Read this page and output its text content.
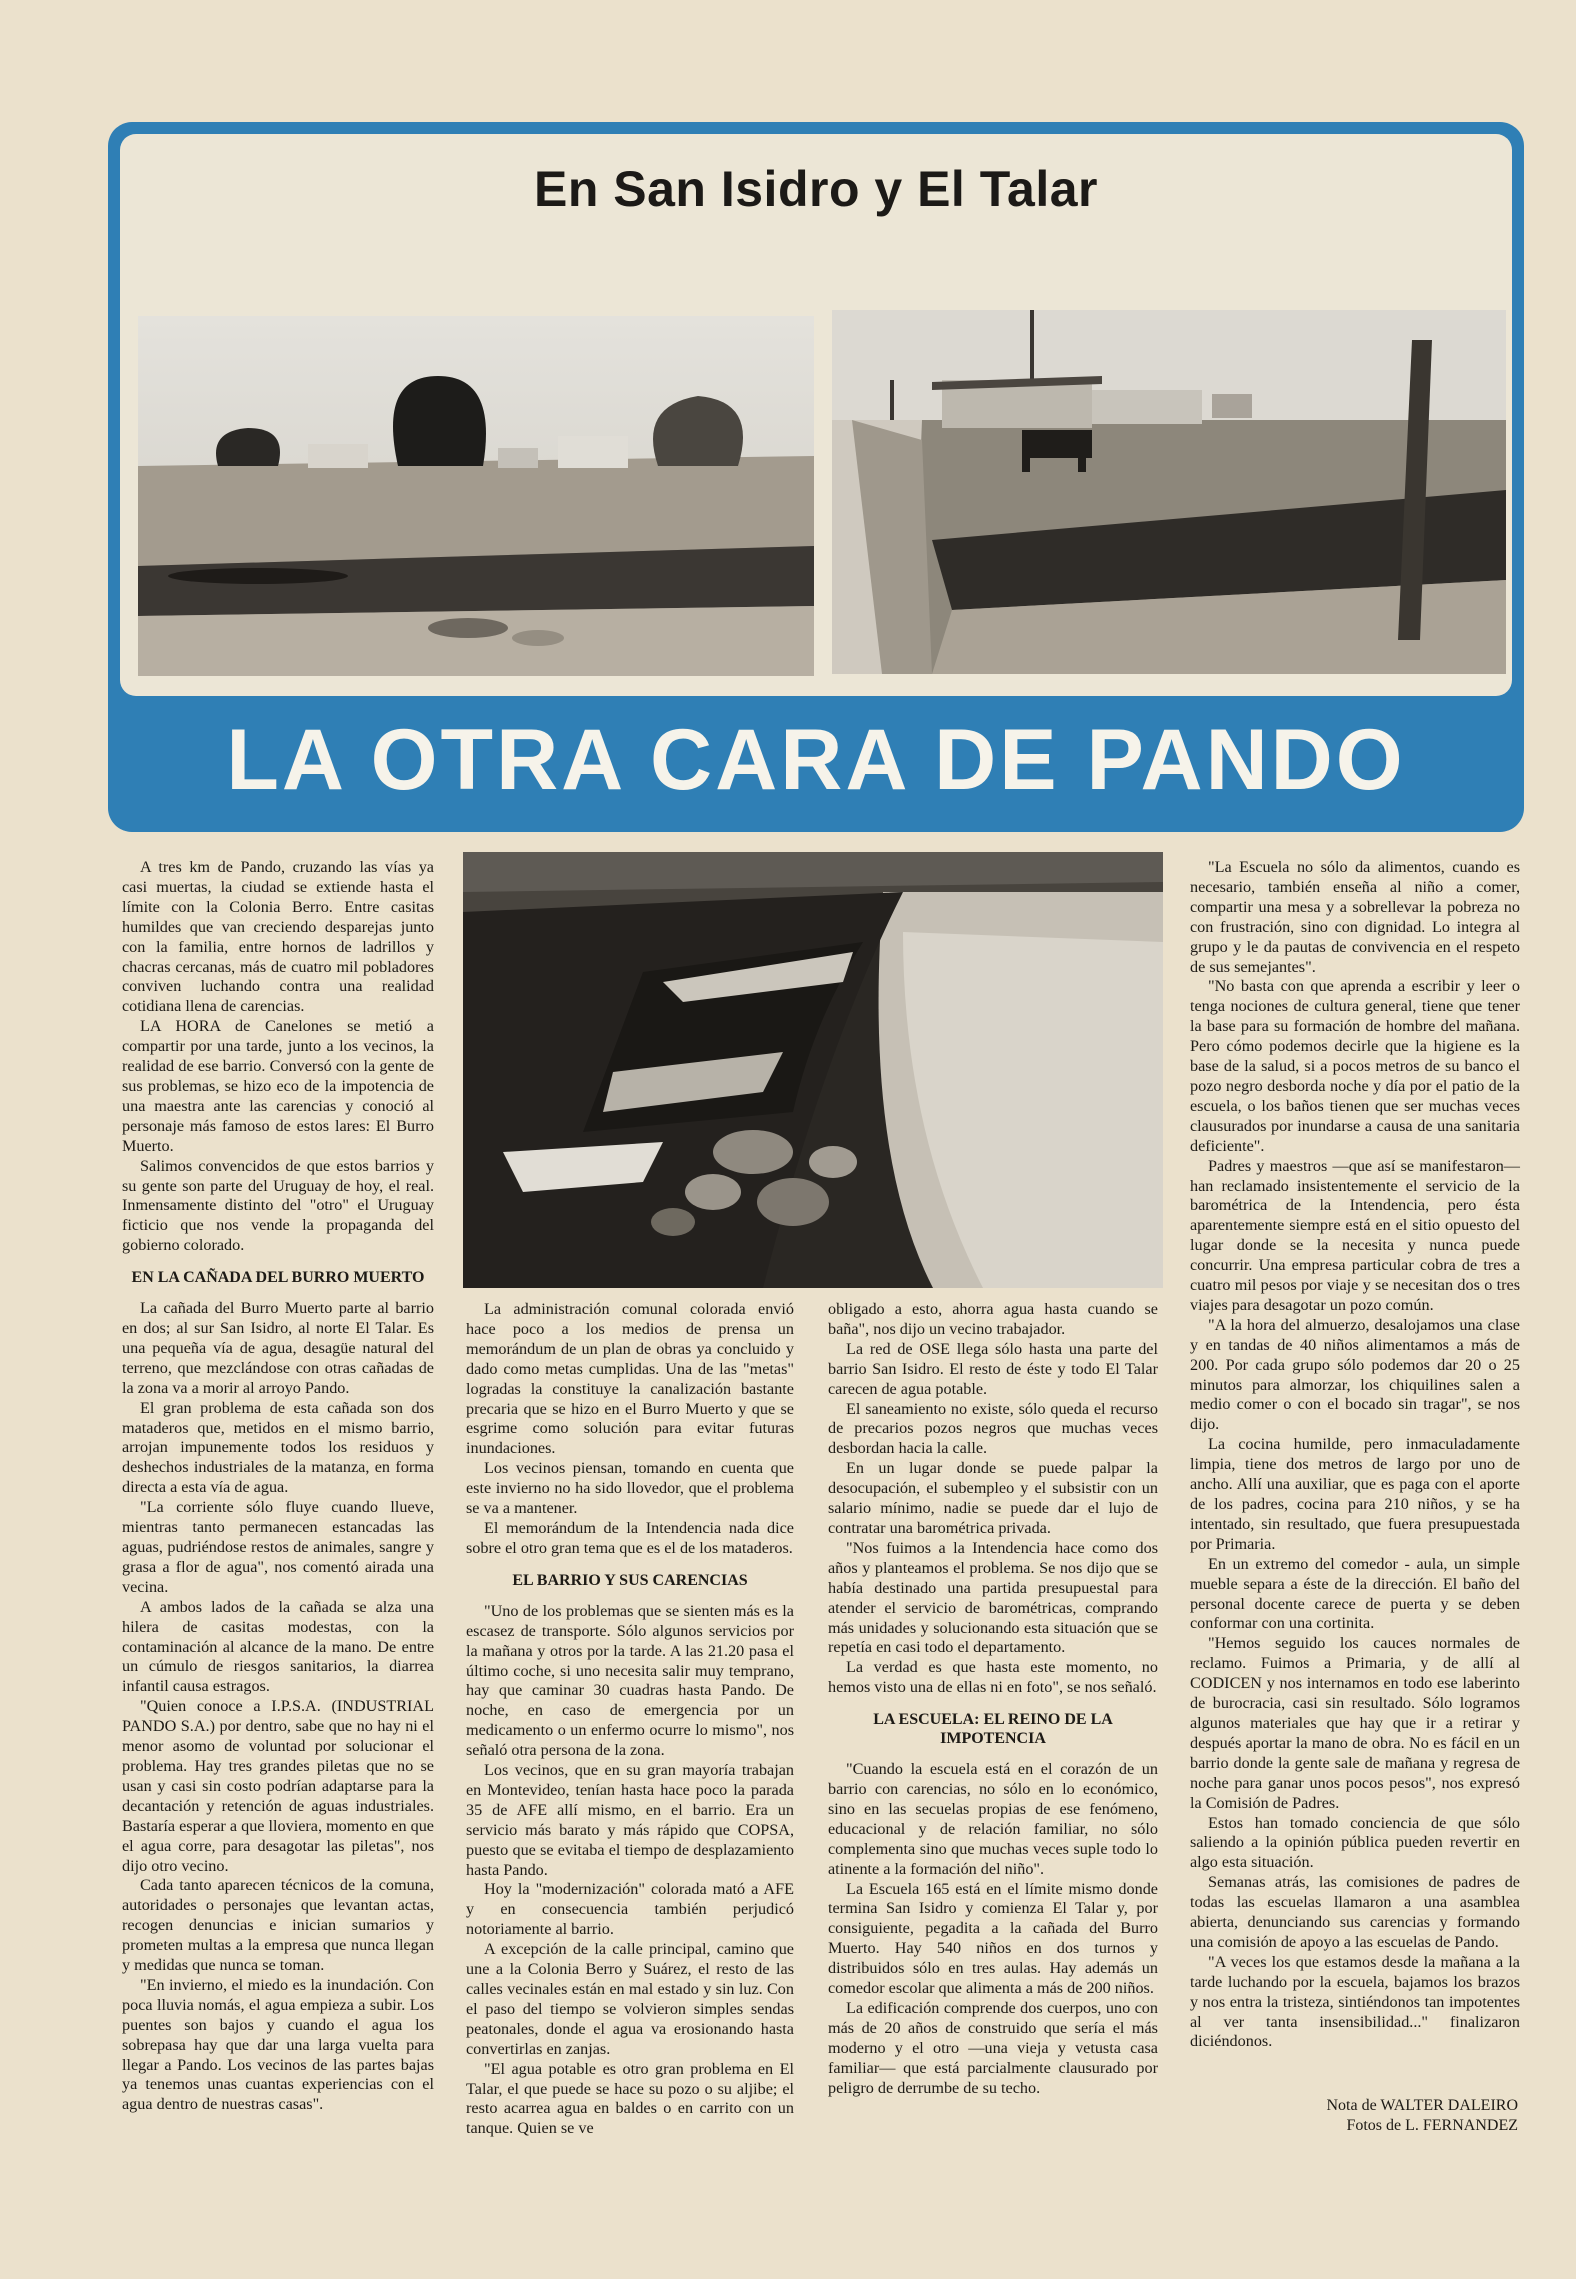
En San Isidro y El Talar
LA OTRA CARA DE PANDO

A tres km de Pando, cruzando las vías ya casi muertas, la ciudad se extiende hasta el límite con la Colonia Berro. Entre casitas humildes que van creciendo desparejas junto con la familia, entre hornos de ladrillos y chacras cercanas, más de cuatro mil pobladores conviven luchando contra una realidad cotidiana llena de carencias.

LA HORA de Canelones se metió a compartir por una tarde, junto a los vecinos, la realidad de ese barrio. Conversó con la gente de sus problemas, se hizo eco de la impotencia de una maestra ante las carencias y conoció al personaje más famoso de estos lares: El Burro Muerto.

Salimos convencidos de que estos barrios y su gente son parte del Uruguay de hoy, el real. Inmensamente distinto del "otro" el Uruguay ficticio que nos vende la propaganda del gobierno colorado.

EN LA CAÑADA DEL BURRO MUERTO

La cañada del Burro Muerto parte al barrio en dos; al sur San Isidro, al norte El Talar. Es una pequeña vía de agua, desagüe natural del terreno, que mezclándose con otras cañadas de la zona va a morir al arroyo Pando.

El gran problema de esta cañada son dos mataderos que, metidos en el mismo barrio, arrojan impunemente todos los residuos y deshechos industriales de la matanza, en forma directa a esta vía de agua.

"La corriente sólo fluye cuando llueve, mientras tanto permanecen estancadas las aguas, pudriéndose restos de animales, sangre y grasa a flor de agua", nos comentó airada una vecina.

A ambos lados de la cañada se alza una hilera de casitas modestas, con la contaminación al alcance de la mano. De entre un cúmulo de riesgos sanitarios, la diarrea infantil causa estragos.

"Quien conoce a I.P.S.A. (INDUSTRIAL PANDO S.A.) por dentro, sabe que no hay ni el menor asomo de voluntad por solucionar el problema. Hay tres grandes piletas que no se usan y casi sin costo podrían adaptarse para la decantación y retención de aguas industriales. Bastaría esperar a que lloviera, momento en que el agua corre, para desagotar las piletas", nos dijo otro vecino.

Cada tanto aparecen técnicos de la comuna, autoridades o personajes que levantan actas, recogen denuncias e inician sumarios y prometen multas a la empresa que nunca llegan y medidas que nunca se toman.

"En invierno, el miedo es la inundación. Con poca lluvia nomás, el agua empieza a subir. Los puentes son bajos y cuando el agua los sobrepasa hay que dar una larga vuelta para llegar a Pando. Los vecinos de las partes bajas ya tenemos unas cuantas experiencias con el agua dentro de nuestras casas".

La administración comunal colorada envió hace poco a los medios de prensa un memorándum de un plan de obras ya concluido y dado como metas cumplidas. Una de las "metas" logradas la constituye la canalización bastante precaria que se hizo en el Burro Muerto y que se esgrime como solución para evitar futuras inundaciones.

Los vecinos piensan, tomando en cuenta que este invierno no ha sido llovedor, que el problema se va a mantener.

El memorándum de la Intendencia nada dice sobre el otro gran tema que es el de los mataderos.

EL BARRIO Y SUS CARENCIAS

"Uno de los problemas que se sienten más es la escasez de transporte. Sólo algunos servicios por la mañana y otros por la tarde. A las 21.20 pasa el último coche, si uno necesita salir muy temprano, hay que caminar 30 cuadras hasta Pando. De noche, en caso de emergencia por un medicamento o un enfermo ocurre lo mismo", nos señaló otra persona de la zona.

Los vecinos, que en su gran mayoría trabajan en Montevideo, tenían hasta hace poco la parada 35 de AFE allí mismo, en el barrio. Era un servicio más barato y más rápido que COPSA, puesto que se evitaba el tiempo de desplazamiento hasta Pando.

Hoy la "modernización" colorada mató a AFE y en consecuencia también perjudicó notoriamente al barrio.

A excepción de la calle principal, camino que une a la Colonia Berro y Suárez, el resto de las calles vecinales están en mal estado y sin luz. Con el paso del tiempo se volvieron simples sendas peatonales, donde el agua va erosionando hasta convertirlas en zanjas.

"El agua potable es otro gran problema en El Talar, el que puede se hace su pozo o su aljibe; el resto acarrea agua en baldes o en carrito con un tanque. Quien se ve

obligado a esto, ahorra agua hasta cuando se baña", nos dijo un vecino trabajador.

La red de OSE llega sólo hasta una parte del barrio San Isidro. El resto de éste y todo El Talar carecen de agua potable.

El saneamiento no existe, sólo queda el recurso de precarios pozos negros que muchas veces desbordan hacia la calle.

En un lugar donde se puede palpar la desocupación, el subempleo y el subsistir con un salario mínimo, nadie se puede dar el lujo de contratar una barométrica privada.

"Nos fuimos a la Intendencia hace como dos años y planteamos el problema. Se nos dijo que se había destinado una partida presupuestal para atender el servicio de barométricas, comprando más unidades y solucionando esta situación que se repetía en casi todo el departamento.

La verdad es que hasta este momento, no hemos visto una de ellas ni en foto", se nos señaló.

LA ESCUELA: EL REINO DE LA IMPOTENCIA

"Cuando la escuela está en el corazón de un barrio con carencias, no sólo en lo económico, sino en las secuelas propias de ese fenómeno, educacional y de relación familiar, no sólo complementa sino que muchas veces suple todo lo atinente a la formación del niño".

La Escuela 165 está en el límite mismo donde termina San Isidro y comienza El Talar y, por consiguiente, pegadita a la cañada del Burro Muerto. Hay 540 niños en dos turnos y distribuidos sólo en tres aulas. Hay además un comedor escolar que alimenta a más de 200 niños.

La edificación comprende dos cuerpos, uno con más de 20 años de construido que sería el más moderno y el otro —una vieja y vetusta casa familiar— que está parcialmente clausurado por peligro de derrumbe de su techo.

"La Escuela no sólo da alimentos, cuando es necesario, también enseña al niño a comer, compartir una mesa y a sobrellevar la pobreza no con frustración, sino con dignidad. Lo integra al grupo y le da pautas de convivencia en el respeto de sus semejantes".

"No basta con que aprenda a escribir y leer o tenga nociones de cultura general, tiene que tener la base para su formación de hombre del mañana. Pero cómo podemos decirle que la higiene es la base de la salud, si a pocos metros de su banco el pozo negro desborda noche y día por el patio de la escuela, o los baños tienen que ser muchas veces clausurados por inundarse a causa de una sanitaria deficiente".

Padres y maestros —que así se manifestaron— han reclamado insistentemente el servicio de la barométrica de la Intendencia, pero ésta aparentemente siempre está en el sitio opuesto del lugar donde se la necesita y nunca puede concurrir. Una empresa particular cobra de tres a cuatro mil pesos por viaje y se necesitan dos o tres viajes para desagotar un pozo común.

"A la hora del almuerzo, desalojamos una clase y en tandas de 40 niños alimentamos a más de 200. Por cada grupo sólo podemos dar 20 o 25 minutos para almorzar, los chiquilines salen a medio comer o con el bocado sin tragar", se nos dijo.

La cocina humilde, pero inmaculadamente limpia, tiene dos metros de largo por uno de ancho. Allí una auxiliar, que es paga con el aporte de los padres, cocina para 210 niños, y se ha intentado, sin resultado, que fuera presupuestada por Primaria.

En un extremo del comedor - aula, un simple mueble separa a éste de la dirección. El baño del personal docente carece de puerta y se deben conformar con una cortinita.

"Hemos seguido los cauces normales de reclamo. Fuimos a Primaria, y de allí al CODICEN y nos internamos en todo ese laberinto de burocracia, casi sin resultado. Sólo logramos algunos materiales que hay que ir a retirar y después aportar la mano de obra. No es fácil en un barrio donde la gente sale de mañana y regresa de noche para ganar unos pocos pesos", nos expresó la Comisión de Padres.

Estos han tomado conciencia de que sólo saliendo a la opinión pública pueden revertir en algo esta situación.

Semanas atrás, las comisiones de padres de todas las escuelas llamaron a una asamblea abierta, denunciando sus carencias y formando una comisión de apoyo a las escuelas de Pando.

"A veces los que estamos desde la mañana a la tarde luchando por la escuela, bajamos los brazos y nos entra la tristeza, sintiéndonos tan impotentes al ver tanta insensibilidad..." finalizaron diciéndonos.

Nota de WALTER DALEIRO
Fotos de L. FERNANDEZ
